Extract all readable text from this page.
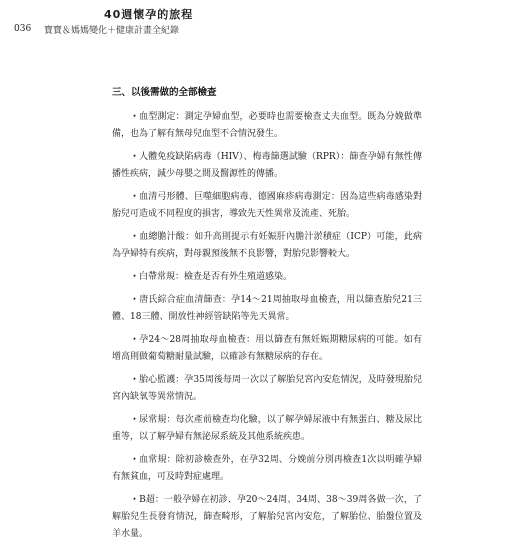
40週懷孕的旅程
036 寶寶＆媽媽變化＋健康計畫全紀錄
三、以後需做的全部檢查

・血型測定：測定孕婦血型，必要時也需要檢查丈夫血型。既為分娩做準備，也為了解有無母兒血型不合情況發生。

・人體免疫缺陷病毒（HIV）、梅毒篩選試驗（RPR）：篩查孕婦有無性傳播性疾病，減少母嬰之間及醫源性的傳播。

・血清弓形體、巨噬細胞病毒、德國麻疹病毒測定：因為這些病毒感染對胎兒可造成不同程度的損害，導致先天性異常及流產、死胎。

・血總膽汁酸：如升高則提示有妊娠肝內膽汁淤積症（ICP）可能，此病為孕婦特有疾病，對母親預後無不良影響，對胎兒影響較大。

・白帶常規：檢查是否有外生殖道感染。

・唐氏綜合症血清篩查：孕14～21周抽取母血檢查，用以篩查胎兒21三體、18三體、開放性神經管缺陷等先天異常。

・孕24～28周抽取母血檢查：用以篩查有無妊娠期糖尿病的可能。如有增高則做葡萄糖耐量試驗，以確診有無糖尿病的存在。

・胎心監護：孕35周後每周一次以了解胎兒宮內安危情況，及時發現胎兒宮內缺氧等異常情況。

・尿常規：每次產前檢查均化驗，以了解孕婦尿液中有無蛋白、糖及尿比重等，以了解孕婦有無泌尿系統及其他系統疾患。

・血常規：除初診檢查外，在孕32周、分娩前分別再檢查1次以明確孕婦有無貧血，可及時對症處理。

・B超：一般孕婦在初診、孕20～24周、34周、38～39周各做一次，了解胎兒生長發育情況，篩查畸形，了解胎兒宮內安危，了解胎位、胎盤位置及羊水量。
